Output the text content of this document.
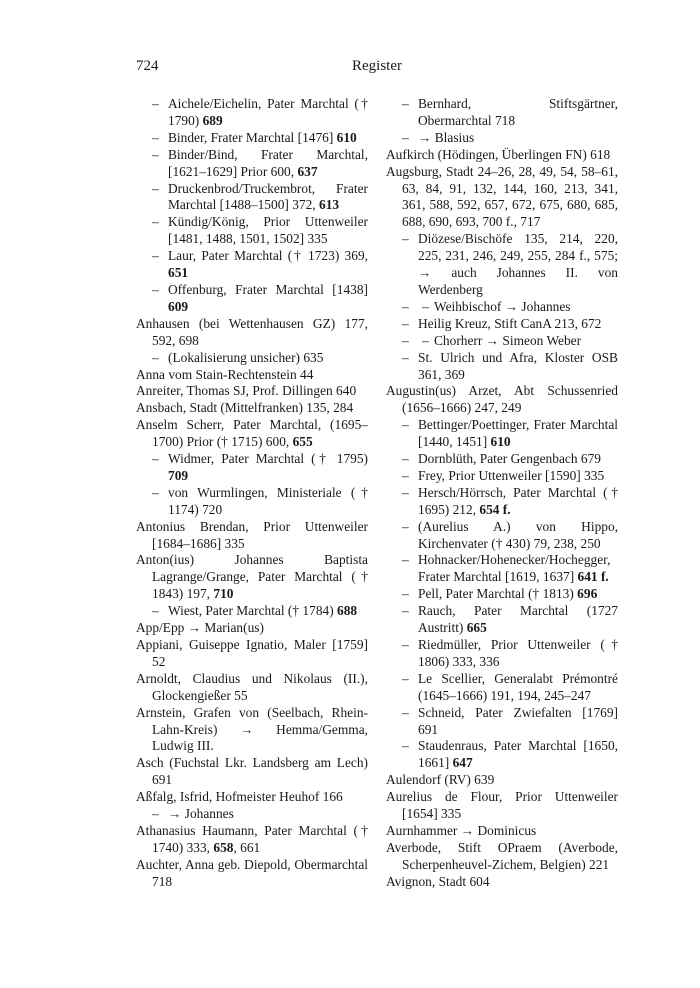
724	Register

– Aichele/Eichelin, Pater Marchtal († 1790) 689

– Binder, Frater Marchtal [1476] 610

– Binder/Bind, Frater Marchtal, [1621–1629] Prior 600, 637

– Druckenbrod/Truckembrot, Frater Marchtal [1488–1500] 372, 613

– Kündig/König, Prior Uttenweiler [1481, 1488, 1501, 1502] 335

– Laur, Pater Marchtal († 1723) 369, 651

– Offenburg, Frater Marchtal [1438] 609

Anhausen (bei Wettenhausen GZ) 177, 592, 698

– (Lokalisierung unsicher) 635

Anna vom Stain-Rechtenstein 44

Anreiter, Thomas SJ, Prof. Dillingen 640

Ansbach, Stadt (Mittelfranken) 135, 284

Anselm Scherr, Pater Marchtal, (1695–1700) Prior († 1715) 600, 655

– Widmer, Pater Marchtal († 1795) 709

– von Wurmlingen, Ministeriale († 1174) 720

Antonius Brendan, Prior Uttenweiler [1684–1686] 335

Anton(ius) Johannes Baptista Lagrange/Grange, Pater Marchtal († 1843) 197, 710

– Wiest, Pater Marchtal († 1784) 688

App/Epp → Marian(us)

Appiani, Guiseppe Ignatio, Maler [1759] 52

Arnoldt, Claudius und Nikolaus (II.), Glockengießer 55

Arnstein, Grafen von (Seelbach, Rhein-Lahn-Kreis) → Hemma/Gemma, Ludwig III.

Asch (Fuchstal Lkr. Landsberg am Lech) 691

Aßfalg, Isfrid, Hofmeister Heuhof 166

– → Johannes

Athanasius Haumann, Pater Marchtal († 1740) 333, 658, 661

Auchter, Anna geb. Diepold, Obermarchtal 718

– Bernhard, Stiftsgärtner, Obermarchtal 718

– → Blasius

Aufkirch (Hödingen, Überlingen FN) 618

Augsburg, Stadt 24–26, 28, 49, 54, 58–61, 63, 84, 91, 132, 144, 160, 213, 341, 361, 588, 592, 657, 672, 675, 680, 685, 688, 690, 693, 700 f., 717

– Diözese/Bischöfe 135, 214, 220, 225, 231, 246, 249, 255, 284 f., 575; → auch Johannes II. von Werdenberg

–  – Weihbischof → Johannes

– Heilig Kreuz, Stift CanA 213, 672

–  – Chorherr → Simeon Weber

– St. Ulrich und Afra, Kloster OSB 361, 369

Augustin(us) Arzet, Abt Schussenried (1656–1666) 247, 249

– Bettinger/Poettinger, Frater Marchtal [1440, 1451] 610

– Dornblüth, Pater Gengenbach 679

– Frey, Prior Uttenweiler [1590] 335

– Hersch/Hörrsch, Pater Marchtal († 1695) 212, 654 f.

– (Aurelius A.) von Hippo, Kirchenvater († 430) 79, 238, 250

– Hohnacker/Hohenecker/Hochegger, Frater Marchtal [1619, 1637] 641 f.

– Pell, Pater Marchtal († 1813) 696

– Rauch, Pater Marchtal (1727 Austritt) 665

– Riedmüller, Prior Uttenweiler († 1806) 333, 336

– Le Scellier, Generalabt Prémontré (1645–1666) 191, 194, 245–247

– Schneid, Pater Zwiefalten [1769] 691

– Staudenraus, Pater Marchtal [1650, 1661] 647

Aulendorf (RV) 639

Aurelius de Flour, Prior Uttenweiler [1654] 335

Aurnhammer → Dominicus

Averbode, Stift OPraem (Averbode, Scherpenheuvel-Zichem, Belgien) 221

Avignon, Stadt 604
